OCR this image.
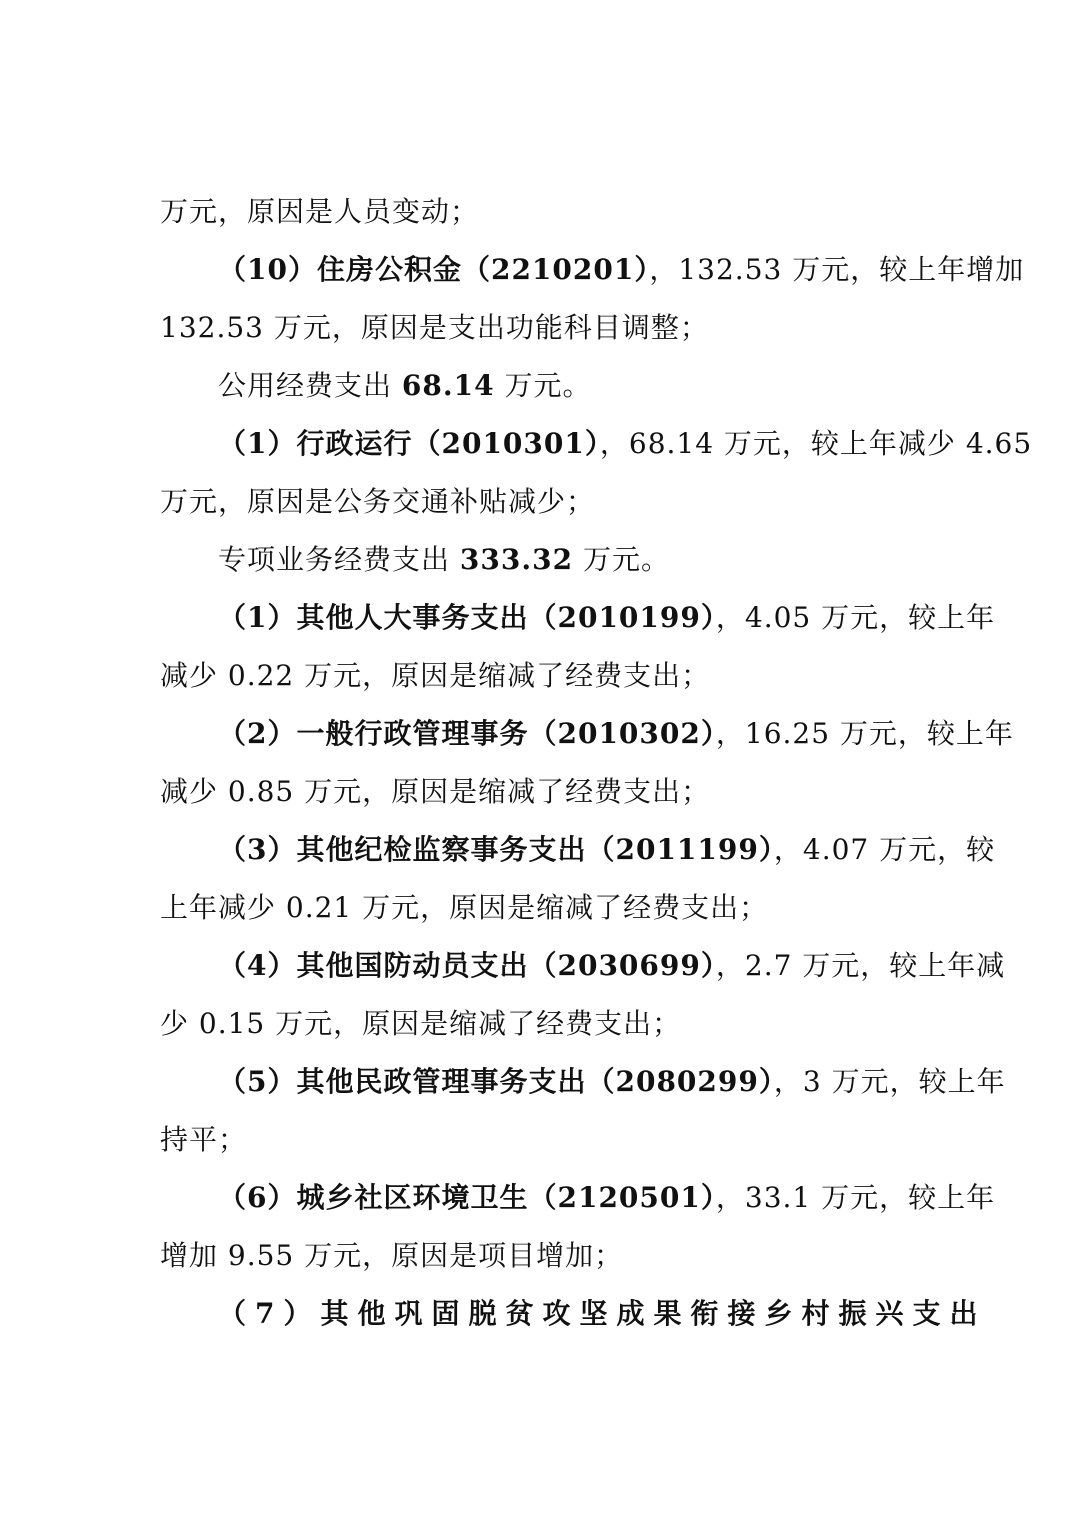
万元，原因是人员变动；
（10）住房公积金（2210201），132.53 万元，较上年增加
132.53 万元，原因是支出功能科目调整；
公用经费支出 68.14 万元。
（1）行政运行（2010301），68.14 万元，较上年减少 4.65
万元，原因是公务交通补贴减少；
专项业务经费支出 333.32 万元。
（1）其他人大事务支出（2010199），4.05 万元，较上年
减少 0.22 万元，原因是缩减了经费支出；
（2）一般行政管理事务（2010302），16.25 万元，较上年
减少 0.85 万元，原因是缩减了经费支出；
（3）其他纪检监察事务支出（2011199），4.07 万元，较
上年减少 0.21 万元，原因是缩减了经费支出；
（4）其他国防动员支出（2030699），2.7 万元，较上年减
少 0.15 万元，原因是缩减了经费支出；
（5）其他民政管理事务支出（2080299），3 万元，较上年
持平；
（6）城乡社区环境卫生（2120501），33.1 万元，较上年
增加 9.55 万元，原因是项目增加；
（7）其他巩固脱贫攻坚成果衔接乡村振兴支出
